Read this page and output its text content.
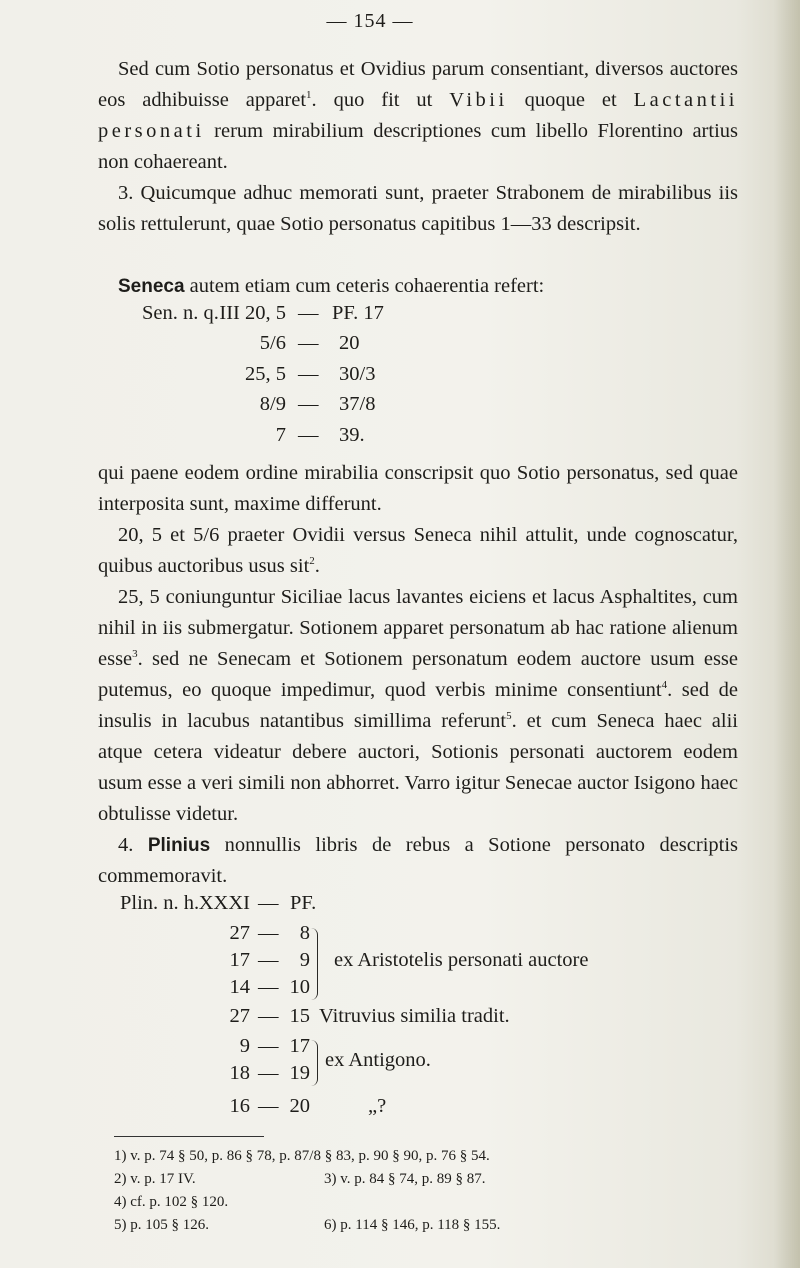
— 154 —

Sed cum Sotio personatus et Ovidius parum consentiant, diversos auctores eos adhibuisse apparet$^1$. quo fit ut Vibii quoque et Lactantii personati rerum mirabilium descriptiones cum libello Florentino artius non cohaereant.

3. Quicumque adhuc memorati sunt, praeter Strabonem de mirabilibus iis solis rettulerunt, quae Sotio personatus capitibus 1—33 descripsit.

Seneca autem etiam cum ceteris cohaerentia refert:

Sen. n. q. III 20, 5 — PF. 17
5/6 — 20
25, 5 — 30/3
8/9 — 37/8
7 — 39.

qui paene eodem ordine mirabilia conscripsit quo Sotio personatus, sed quae interposita sunt, maxime differunt.

20, 5 et 5/6 praeter Ovidii versus Seneca nihil attulit, unde cognoscatur, quibus auctoribus usus sit$^2$.

25, 5 coniunguntur Siciliae lacus lavantes eiciens et lacus Asphaltites, cum nihil in iis submergatur. Sotionem apparet personatum ab hac ratione alienum esse$^3$. sed ne Senecam et Sotionem personatum eodem auctore usum esse putemus, eo quoque impedimur, quod verbis minime consentiunt$^4$. sed de insulis in lacubus natantibus simillima referunt$^5$. et cum Seneca haec alii atque cetera videatur debere auctori, Sotionis personati auctorem eodem usum esse a veri simili non abhorret. Varro igitur Senecae auctor Isigono haec obtulisse videtur.

4. Plinius nonnullis libris de rebus a Sotione personato descriptis commemoravit.

Plin. n. h. XXXI — PF.
27 — 8
17 — 9
14 — 10
ex Aristotelis personati auctore
27 — 15 Vitruvius similia tradit.
9 — 17
18 — 19
ex Antigono.
16 — 20	„?
1) v. p. 74 § 50, p. 86 § 78, p. 87/8 § 83, p. 90 § 90, p. 76 § 54.
2) v. p. 17 IV.	3) v. p. 84 § 74, p. 89 § 87.
4) cf. p. 102 § 120.
5) p. 105 § 126.	6) p. 114 § 146, p. 118 § 155.
